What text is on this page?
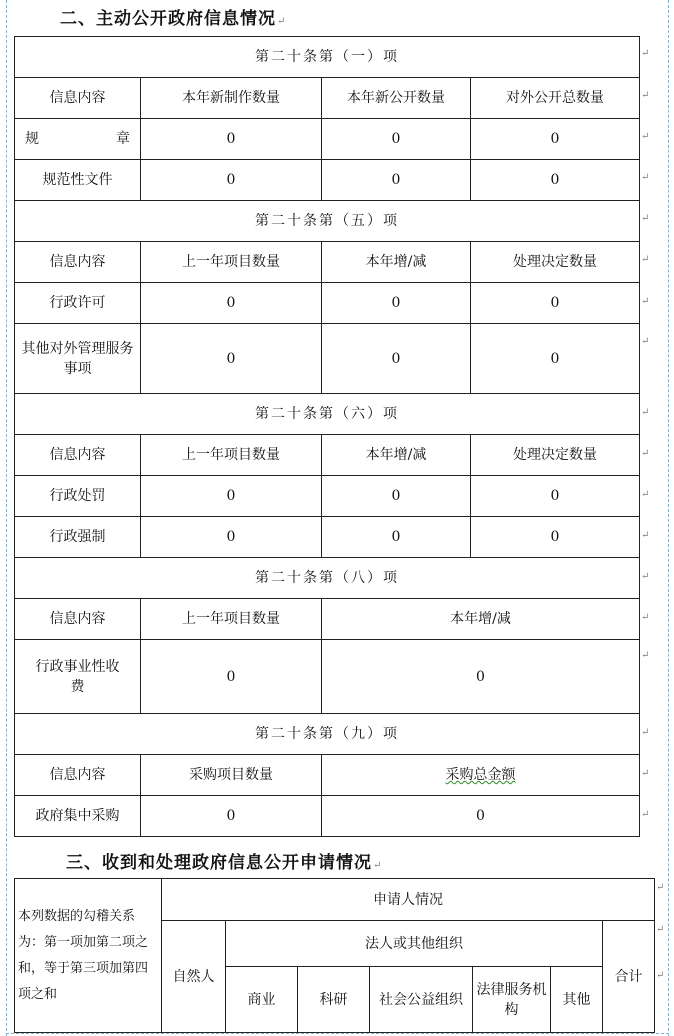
二、主动公开政府信息情况↵
第二十条第（一）项			
信息内容	本年新制作数量	本年新公开数量	对外公开总数量
规章	0	0	0
规范性文件	0	0	0
第二十条第（五）项			
信息内容	上一年项目数量	本年增/减	处理决定数量
行政许可	0	0	0
其他对外管理服务事项	0	0	0
第二十条第（六）项			
信息内容	上一年项目数量	本年增/减	处理决定数量
行政处罚	0	0	0
行政强制	0	0	0
第二十条第（八）项			
信息内容	上一年项目数量	本年增/减	
行政事业性收费	0	0	
第二十条第（九）项			
信息内容	采购项目数量	采购总金额	
政府集中采购	0	0	
三、收到和处理政府信息公开申请情况↵
本列数据的勾稽关系为：第一项加第二项之和，等于第三项加第四项之和	申请人情况						
	自然人	法人或其他组织					合计
		商业	科研	社会公益组织	法律服务机构	其他	
↵
↵
↵
↵
↵
↵
↵
↵
↵
↵
↵
↵
↵
↵
↵
↵
↵
↵
↵
↵
↵
